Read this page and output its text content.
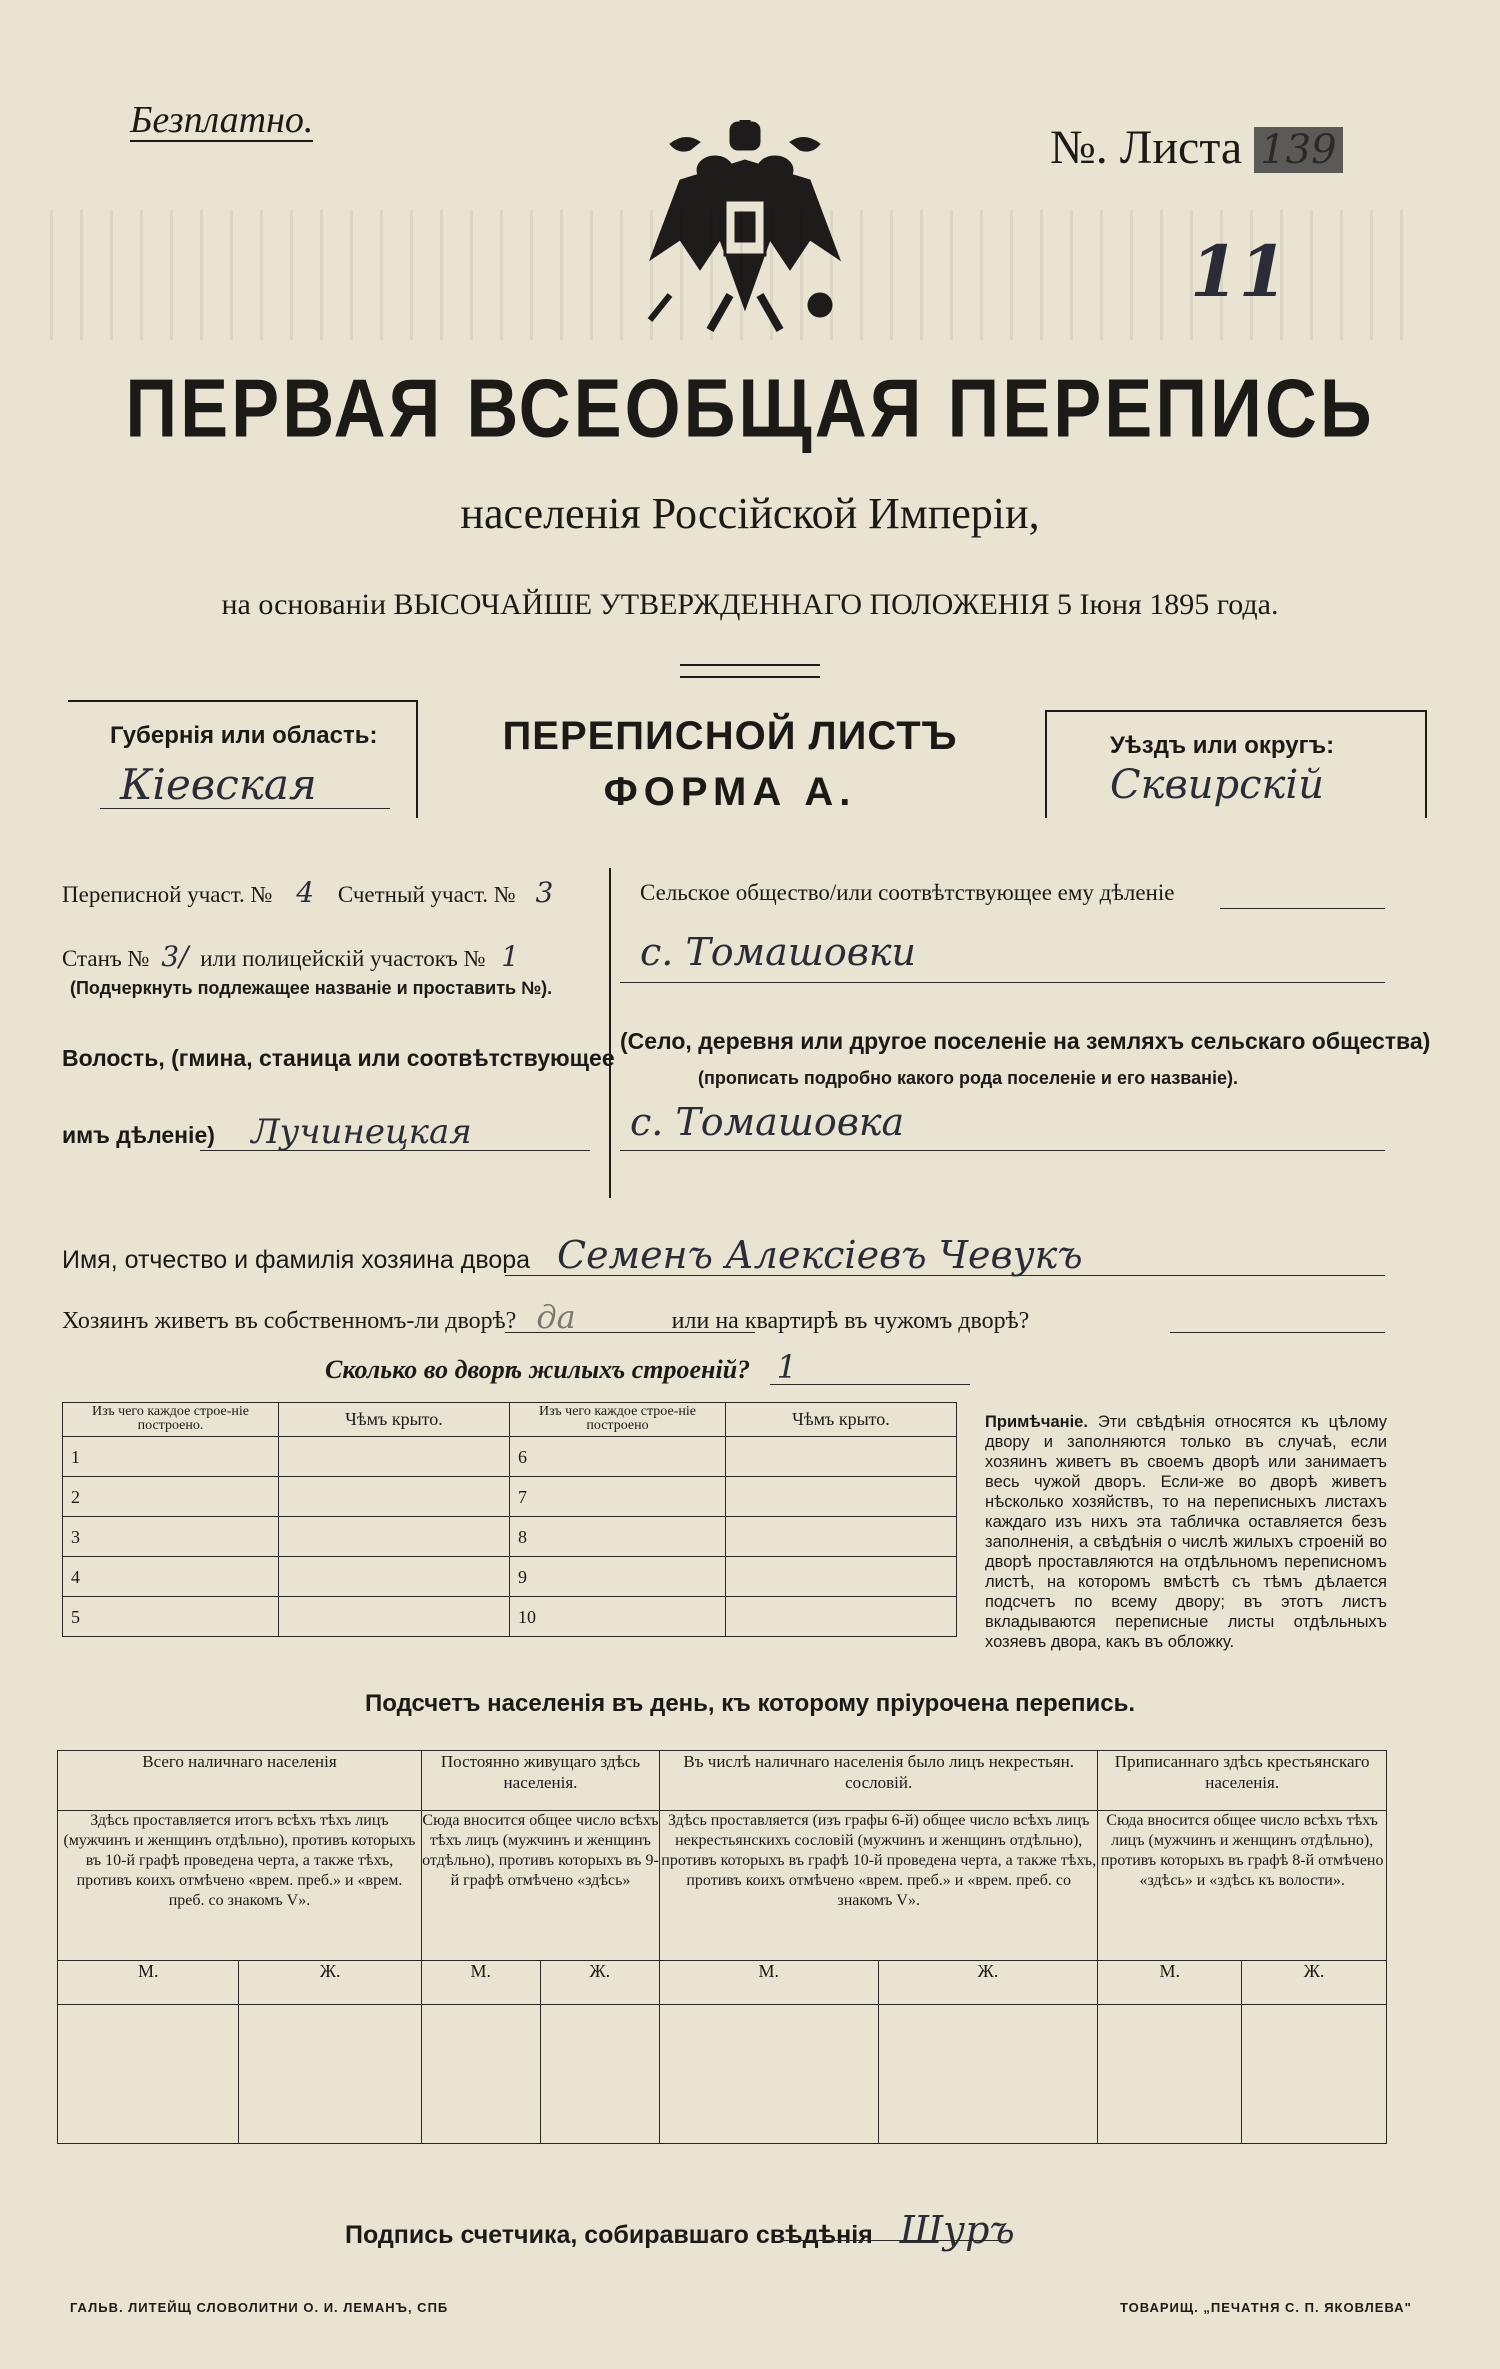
Безплатно.
№. Листа 139
11
ПЕРВАЯ ВСЕОБЩАЯ ПЕРЕПИСЬ
населенія Россійской Имперіи,
на основаніи ВЫСОЧАЙШЕ УТВЕРЖДЕННАГО ПОЛОЖЕНІЯ 5 Іюня 1895 года.
Губернія или область:
Кіевская
ПЕРЕПИСНОЙ ЛИСТЪ
ФОРМА А.
Уѣздъ или округъ:
Сквирскій
Переписной участ. № 4 Счетный участ. № 3
Станъ № 3/ или полицейскій участокъ № 1
(Подчеркнуть подлежащее названіе и проставить №).
Волость, (гмина, станица или соотвѣтствующее
имъ дѣленіе) Лучинецкая
Сельское общество/или соотвѣтствующее ему дѣленіе
с. Томашовки
(Село, деревня или другое поселеніе на земляхъ сельскаго общества)
(прописать подробно какого рода поселеніе и его названіе).
с. Томашовка
Имя, отчество и фамилія хозяина двора Семенъ Алексіевъ Чевукъ
Хозяинъ живетъ въ собственномъ-ли дворѣ? да	или на квартирѣ въ чужомъ дворѣ?
Сколько во дворѣ жилыхъ строеній? 1
Изъ чего каждое строе-ніе построено.	Чѣмъ крыто.	Изъ чего каждое строе-ніе построено	Чѣмъ крыто.
1		6	
2		7	
3		8	
4		9	
5		10	
Примѣчаніе. Эти свѣдѣнія относятся къ цѣлому двору и заполняются только въ случаѣ, если хозяинъ живетъ въ своемъ дворѣ или занимаетъ весь чужой дворъ. Если-же во дворѣ живетъ нѣсколько хозяйствъ, то на переписныхъ листахъ каждаго изъ нихъ эта табличка оставляется безъ заполненія, а свѣдѣнія о числѣ жилыхъ строеній во дворѣ проставляются на отдѣльномъ переписномъ листѣ, на которомъ вмѣстѣ съ тѣмъ дѣлается подсчетъ по всему двору; въ этотъ листъ вкладываются переписные листы отдѣльныхъ хозяевъ двора, какъ въ обложку.
Подсчетъ населенія въ день, къ которому пріурочена перепись.
Всего наличнаго населенія		Постоянно живущаго здѣсь населенія.		Въ числѣ наличнаго населенія было лицъ некрестьян. сословій.		Приписаннаго здѣсь крестьянскаго населенія.	
Здѣсь проставляется итогъ всѣхъ тѣхъ лицъ (мужчинъ и женщинъ отдѣльно), противъ которыхъ въ 10-й графѣ проведена черта, а также тѣхъ, противъ коихъ отмѣчено «врем. преб.» и «врем. преб. со знакомъ V».		Сюда вносится общее число всѣхъ тѣхъ лицъ (мужчинъ и женщинъ отдѣльно), противъ которыхъ въ 9-й графѣ отмѣчено «здѣсь»		Здѣсь проставляется (изъ графы 6-й) общее число всѣхъ лицъ некрестьянскихъ сословій (мужчинъ и женщинъ отдѣльно), противъ которыхъ въ графѣ 10-й проведена черта, а также тѣхъ, противъ коихъ отмѣчено «врем. преб.» и «врем. преб. со знакомъ V».		Сюда вносится общее число всѣхъ тѣхъ лицъ (мужчинъ и женщинъ отдѣльно), противъ которыхъ въ графѣ 8-й отмѣчено «здѣсь» и «здѣсь къ волости».	
М.	Ж.	М.	Ж.	М.	Ж.	М.	Ж.

Подпись счетчика, собиравшаго свѣдѣнія Шуръ
ГАЛЬВ. ЛИТЕЙЩ СЛОВОЛИТНИ О. И. ЛЕМАНЪ, СПБ	ТОВАРИЩ. „ПЕЧАТНЯ С. П. ЯКОВЛЕВА"
